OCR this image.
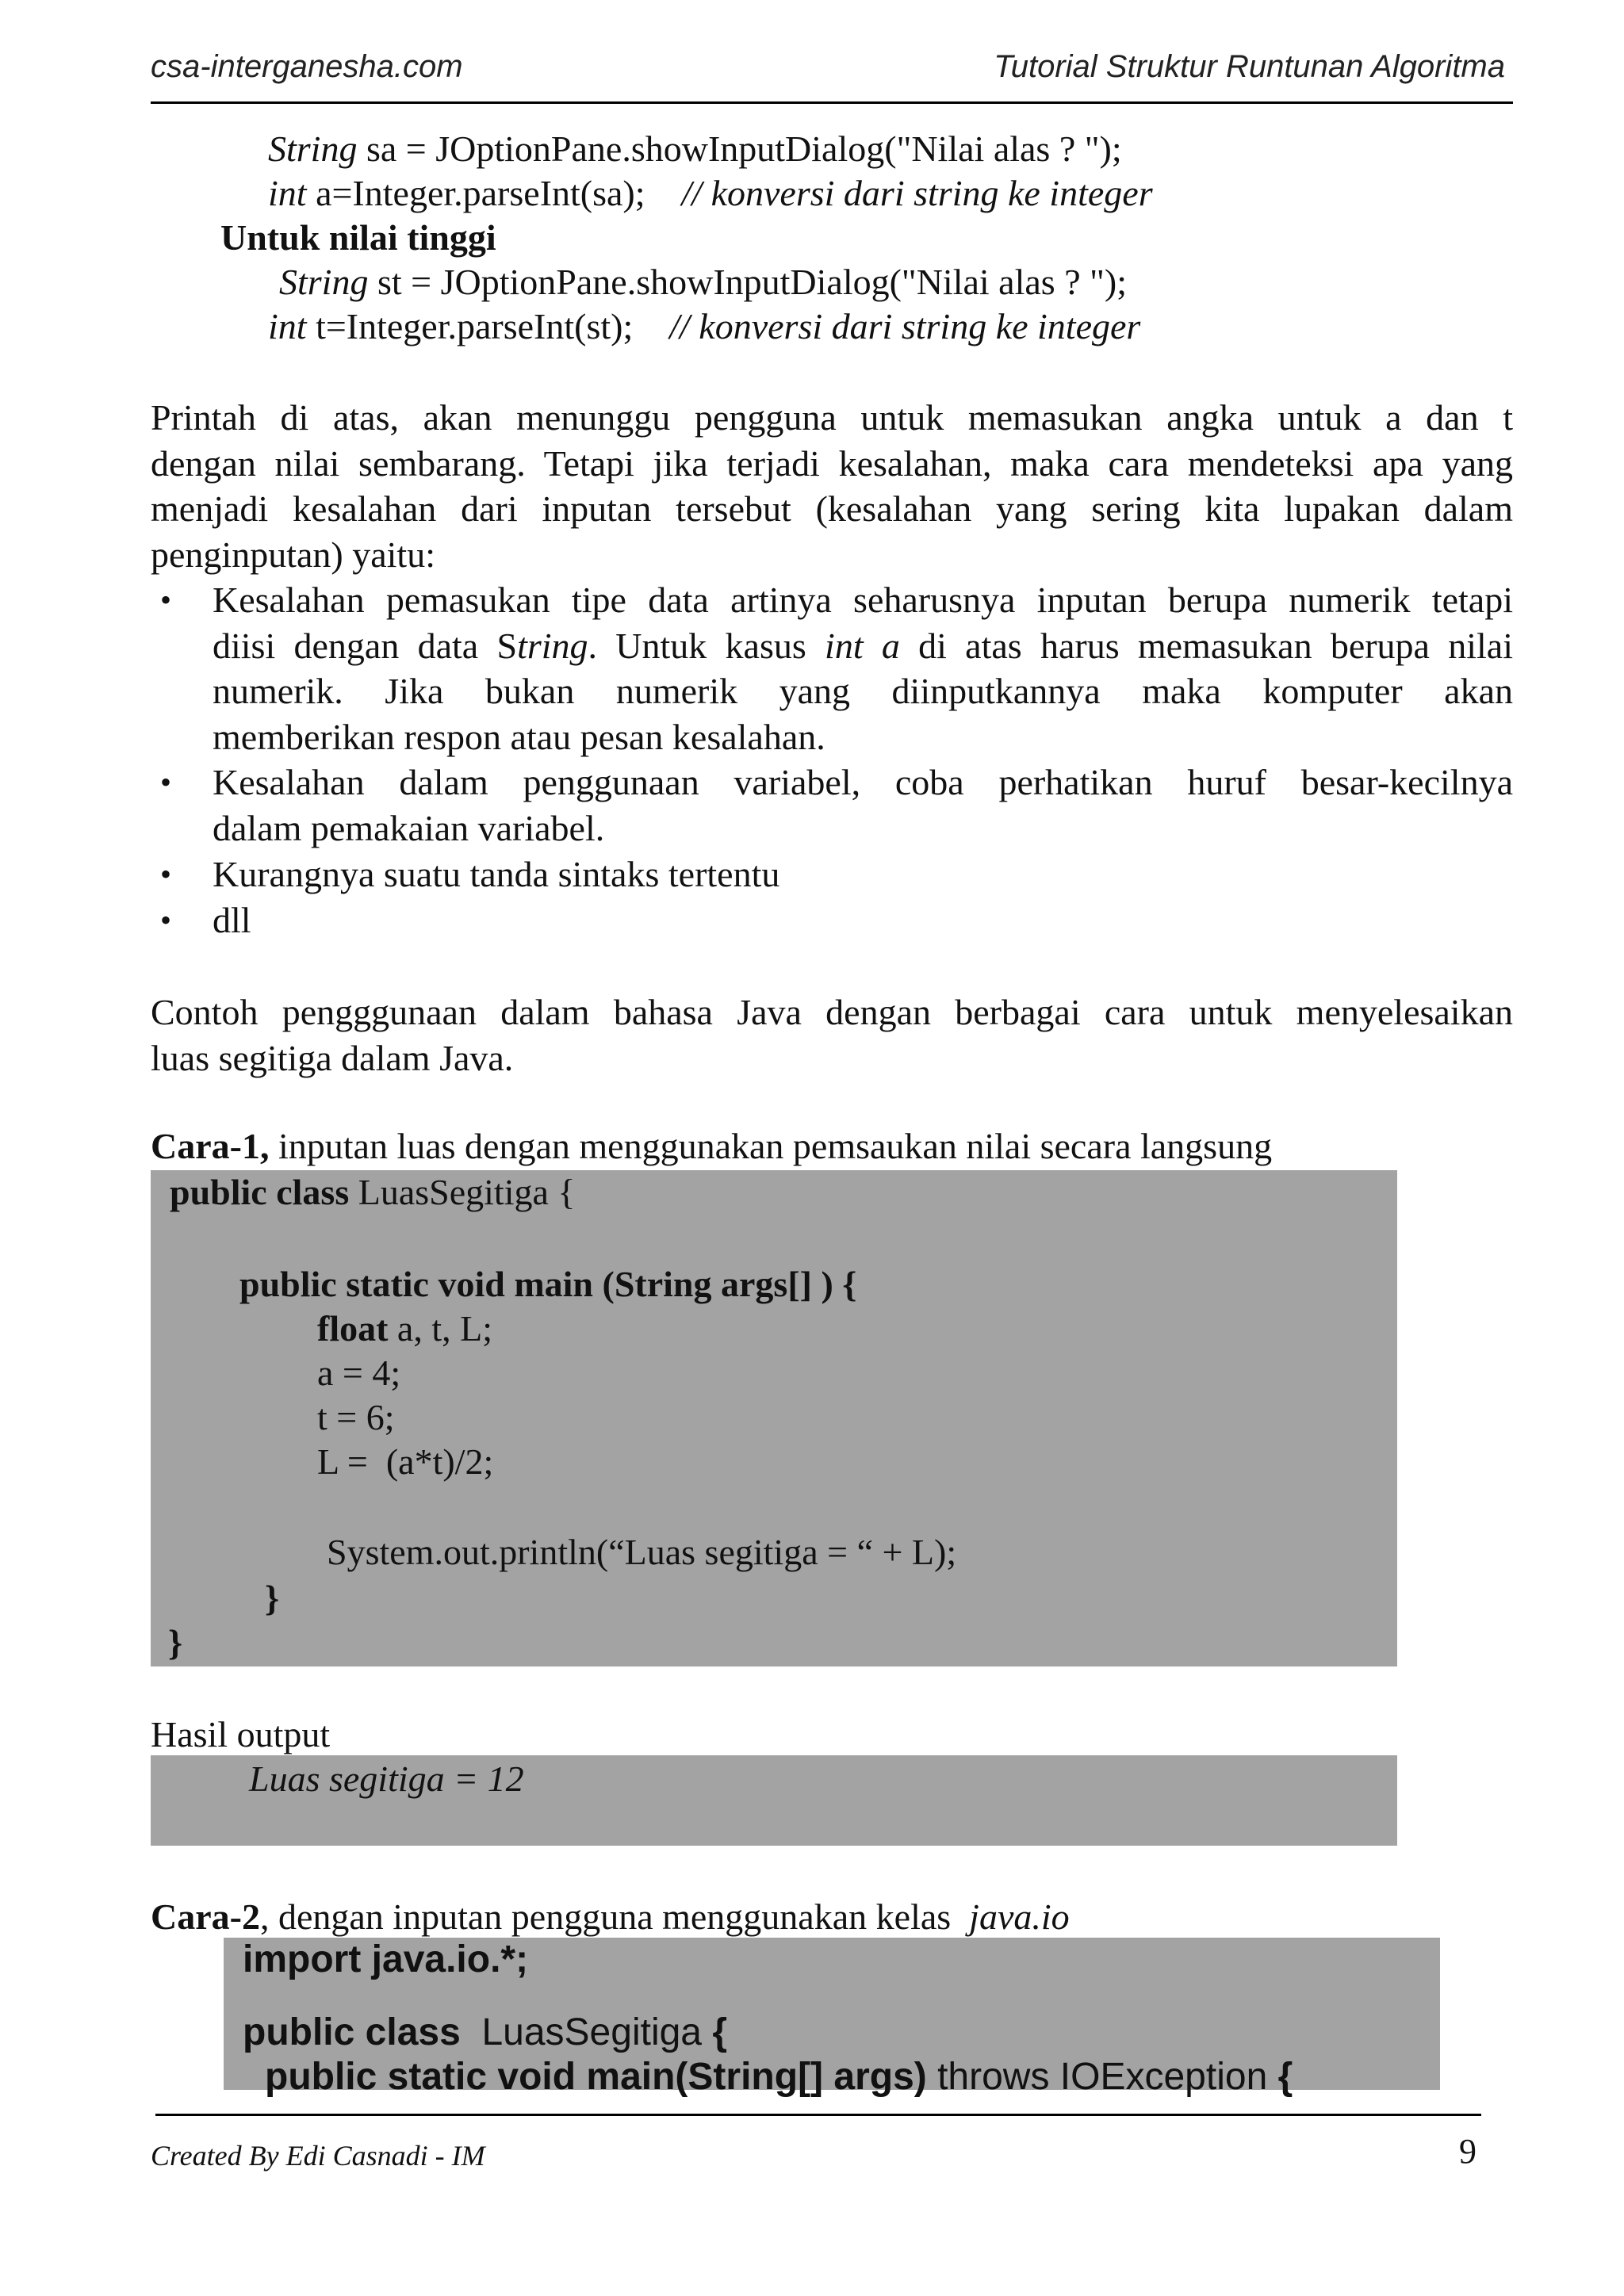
csa-interganesha.com	Tutorial Struktur Runtunan Algoritma
String sa = JOptionPane.showInputDialog("Nilai alas ? ");
int a=Integer.parseInt(sa); // konversi dari string ke integer
Untuk nilai tinggi
String st = JOptionPane.showInputDialog("Nilai alas ? ");
int t=Integer.parseInt(st); // konversi dari string ke integer
Printah di atas, akan menunggu pengguna untuk memasukan angka untuk a dan t
dengan nilai sembarang. Tetapi jika terjadi kesalahan, maka cara mendeteksi apa yang
menjadi kesalahan dari inputan tersebut (kesalahan yang sering kita lupakan dalam
penginputan) yaitu:
• Kesalahan pemasukan tipe data artinya seharusnya inputan berupa numerik tetapi
diisi dengan data String. Untuk kasus int a di atas harus memasukan berupa nilai
numerik. Jika bukan numerik yang diinputkannya maka komputer akan
memberikan respon atau pesan kesalahan.
• Kesalahan dalam penggunaan variabel, coba perhatikan huruf besar-kecilnya
dalam pemakaian variabel.
• Kurangnya suatu tanda sintaks tertentu
• dll
Contoh pengggunaan dalam bahasa Java dengan berbagai cara untuk menyelesaikan
luas segitiga dalam Java.
Cara-1, inputan luas dengan menggunakan pemsaukan nilai secara langsung
public class LuasSegitiga {
public static void main (String args[] ) {
float a, t, L;
a = 4;
t = 6;
L =  (a*t)/2;
System.out.println(“Luas segitiga = “ + L);
}
}
Hasil output
Luas segitiga = 12
Cara-2, dengan inputan pengguna menggunakan kelas  java.io
import java.io.*;
public class  LuasSegitiga {
public static void main(String[] args) throws IOException {
Created By Edi Casnadi - IM	9
